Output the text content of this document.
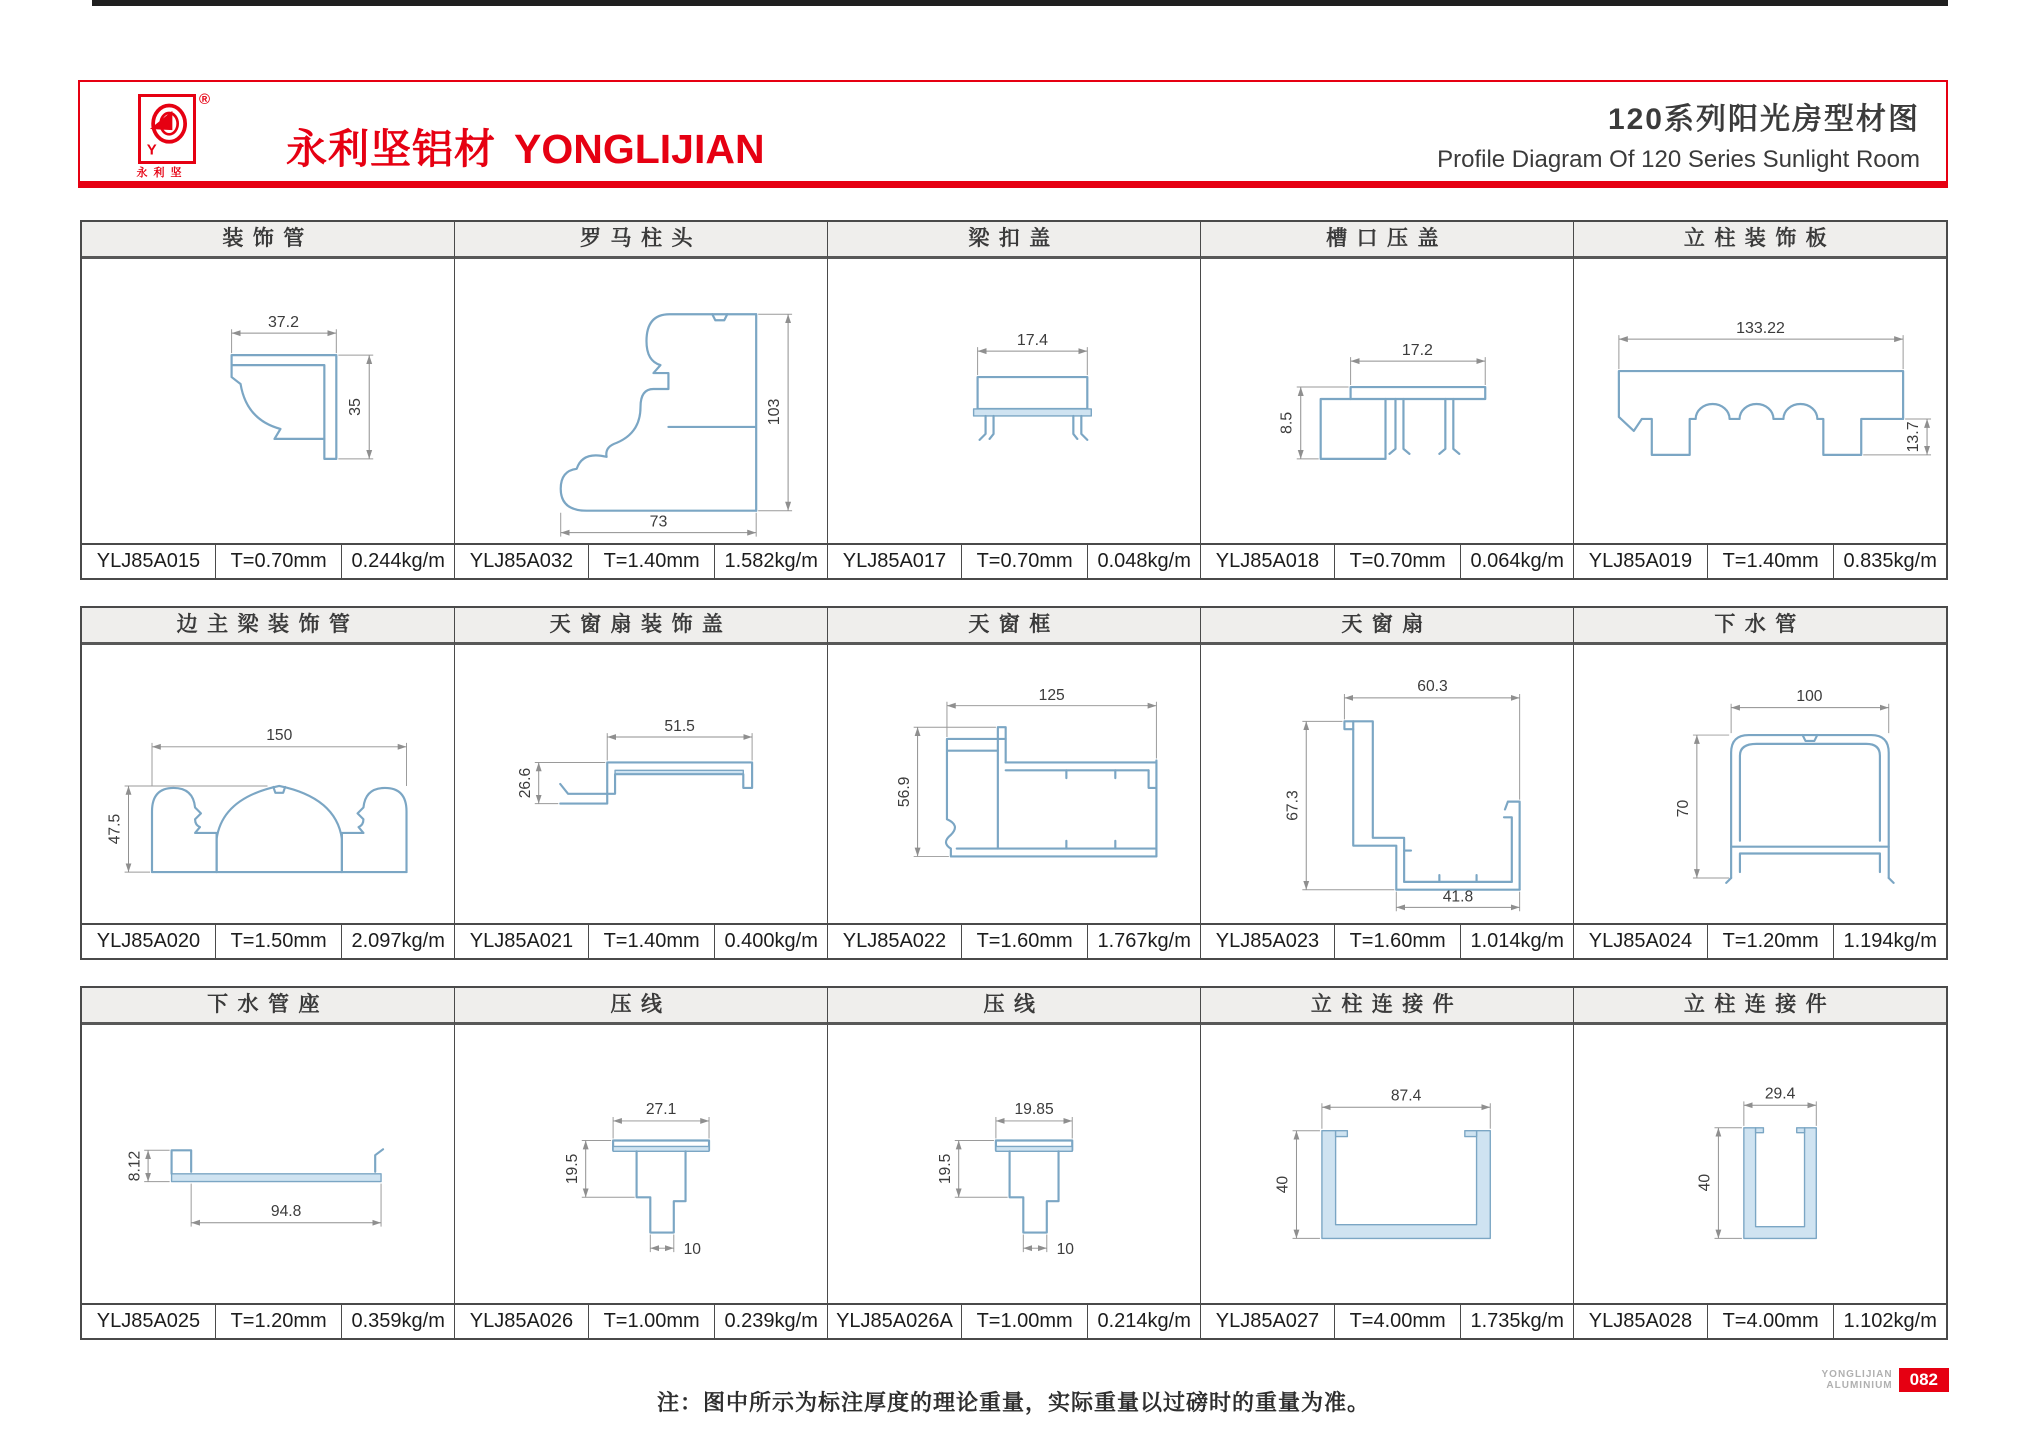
Y
®
永利坚
永利坚铝材 YONGLIJIAN
120系列阳光房型材图
Profile Diagram Of 120 Series Sunlight Room
装饰管	罗马柱头	梁扣盖	槽口压盖	立柱装饰板
37.2
35	103
73
17.4
17.2
8.5
133.22
13.7
YLJ85A015	T=0.70mm	0.244kg/m	YLJ85A032	T=1.40mm	1.582kg/m	YLJ85A017	T=0.70mm	0.048kg/m	YLJ85A018	T=0.70mm	0.064kg/m	YLJ85A019	T=1.40mm	0.835kg/m
边主梁装饰管	天窗扇装饰盖	天窗框	天窗扇	下水管
150
47.5
51.5
26.6
125
56.9
60.3
67.3
41.8
100
70
YLJ85A020	T=1.50mm	2.097kg/m	YLJ85A021	T=1.40mm	0.400kg/m	YLJ85A022	T=1.60mm	1.767kg/m	YLJ85A023	T=1.60mm	1.014kg/m	YLJ85A024	T=1.20mm	1.194kg/m
下水管座	压线	压线	立柱连接件	立柱连接件
8.12
94.8
27.1
19.5
10
19.85
19.5
10
87.4
40
29.4
40
YLJ85A025	T=1.20mm	0.359kg/m	YLJ85A026	T=1.00mm	0.239kg/m YLJ85A026A	T=1.00mm	0.214kg/m	YLJ85A027	T=4.00mm	1.735kg/m	YLJ85A028	T=4.00mm	1.102kg/m
注：图中所示为标注厚度的理论重量，实际重量以过磅时的重量为准。
YONGLIJIAN
ALUMINIUM	082
